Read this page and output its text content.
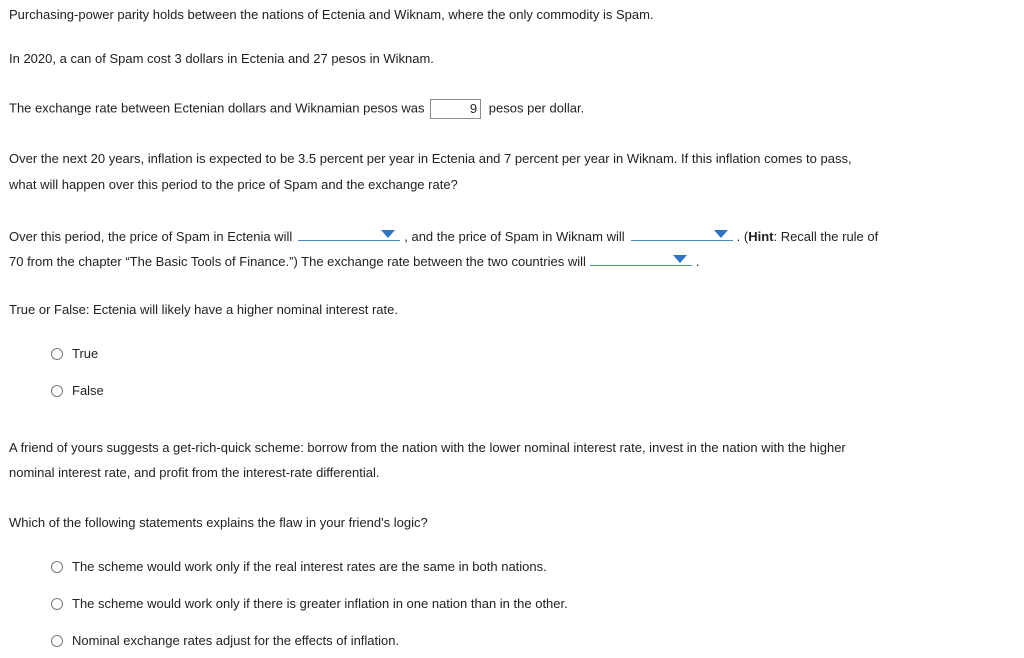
Purchasing-power parity holds between the nations of Ectenia and Wiknam, where the only commodity is Spam.
In 2020, a can of Spam cost 3 dollars in Ectenia and 27 pesos in Wiknam.
The exchange rate between Ectenian dollars and Wiknamian pesos was	9 pesos per dollar.
Over the next 20 years, inflation is expected to be 3.5 percent per year in Ectenia and 7 percent per year in Wiknam. If this inflation comes to pass,
what will happen over this period to the price of Spam and the exchange rate?
Over this period, the price of Spam in Ectenia will	, and the price of Spam in Wiknam will	. (Hint: Recall the rule of
70 from the chapter “The Basic Tools of Finance.”) The exchange rate between the two countries will	.
True or False: Ectenia will likely have a higher nominal interest rate.
True
False
A friend of yours suggests a get-rich-quick scheme: borrow from the nation with the lower nominal interest rate, invest in the nation with the higher
nominal interest rate, and profit from the interest-rate differential.
Which of the following statements explains the flaw in your friend's logic?
The scheme would work only if the real interest rates are the same in both nations.
The scheme would work only if there is greater inflation in one nation than in the other.
Nominal exchange rates adjust for the effects of inflation.
